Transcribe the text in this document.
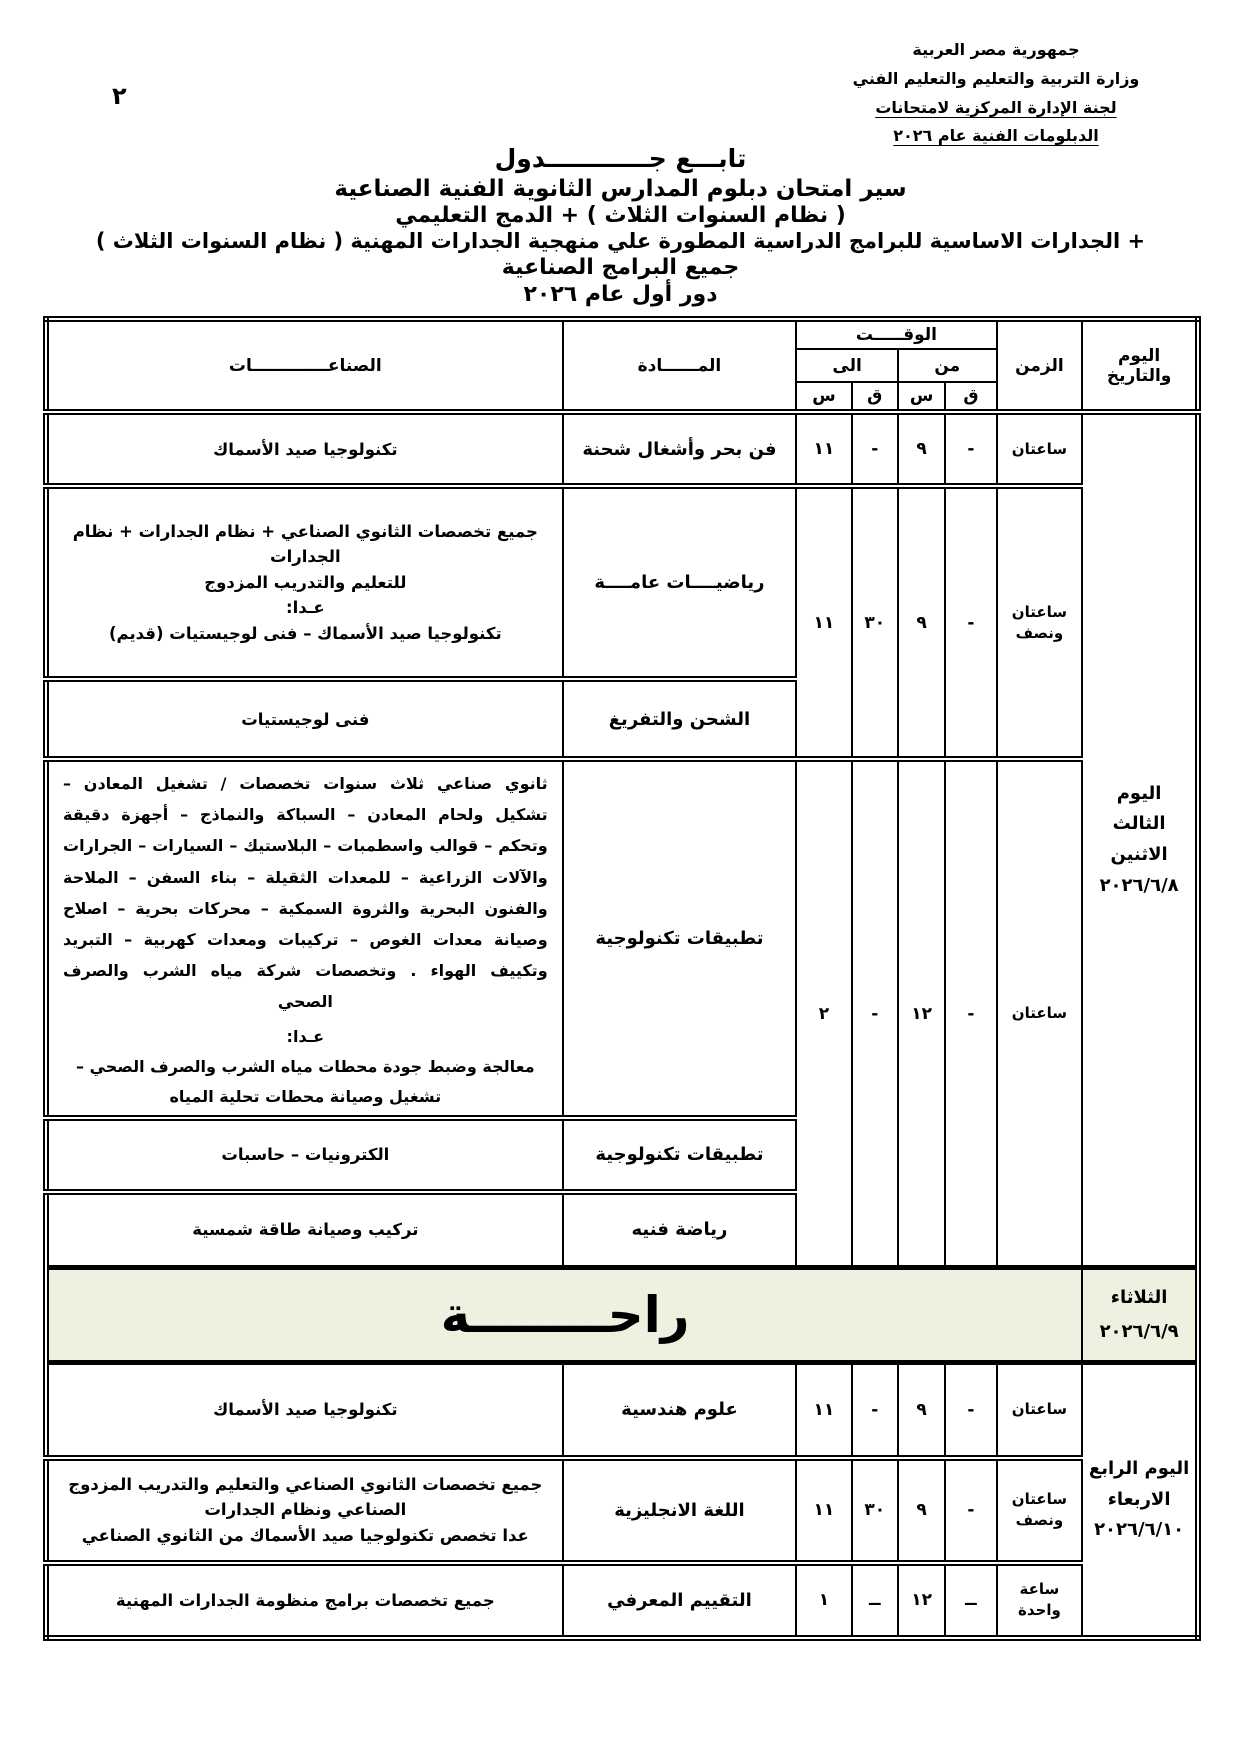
٢
جمهورية مصر العربية
وزارة التربية والتعليم والتعليم الفني
لجنة الإدارة المركزية لامتحانات
الدبلومات الفنية عام ٢٠٢٦
تابـــع جــــــــــــدول
سير امتحان دبلوم المدارس الثانوية الفنية الصناعية
( نظام السنوات الثلاث ) + الدمج التعليمي
+ الجدارات الاساسية للبرامج الدراسية المطورة علي منهجية الجدارات المهنية ( نظام السنوات الثلاث )
جميع البرامج الصناعية
دور أول عام ٢٠٢٦
اليوم والتاريخ	الزمن	الوقـــــت				المــــــادة	الصناعـــــــــــــات
		من		الى			
		ق	س	ق	س		

اليوم
الثالث
الاثنين
٢٠٢٦/٦/٨	ساعتان	-	٩	-	١١	فن بحر وأشغال شحنة	تكنولوجيا صيد الأسماك
	ساعتان ونصف	-	٩	٣٠	١١	رياضيــــات عامــــة	جميع تخصصات الثانوي الصناعي + نظام الجدارات + نظام الجدارات
للتعليم والتدريب المزدوج
عـدا:
تكنولوجيا صيد الأسماك – فنى لوجيستيات (قديم)

						الشحن والتفريغ	فنى لوجيستيات
	ساعتان	-	١٢	-	٢	تطبيقات تكنولوجية	ثانوي صناعي ثلاث سنوات تخصصات / تشغيل المعادن – تشكيل ولحام المعادن – السباكة والنماذج – أجهزة دقيقة وتحكم – قوالب واسطمبات – البلاستيك – السيارات – الجرارات والآلات الزراعية – للمعدات الثقيلة – بناء السفن – الملاحة والفنون البحرية والثروة السمكية – محركات بحرية – اصلاح وصيانة معدات الغوص – تركيبات ومعدات كهربية – التبريد وتكييف الهواء . وتخصصات شركة مياه الشرب والصرف الصحي
عـدا:
معالجة وضبط جودة محطات مياه الشرب والصرف الصحي – تشغيل وصيانة محطات تحلية المياه

						تطبيقات تكنولوجية	الكترونيات – حاسبات
						رياضة فنيه	تركيب وصيانة طاقة شمسية

الثلاثاء
٢٠٢٦/٦/٩	راحــــــــة						

اليوم الرابع
الاربعاء
٢٠٢٦/٦/١٠	ساعتان	-	٩	-	١١	علوم هندسية	تكنولوجيا صيد الأسماك
	ساعتان ونصف	-	٩	٣٠	١١	اللغة الانجليزية	جميع تخصصات الثانوي الصناعي والتعليم والتدريب المزدوج
الصناعي ونظام الجدارات
عدا تخصص تكنولوجيا صيد الأسماك من الثانوي الصناعي

	ساعة واحدة	ــ	١٢	ــ	١	التقييم المعرفي	جميع تخصصات برامج منظومة الجدارات المهنية
